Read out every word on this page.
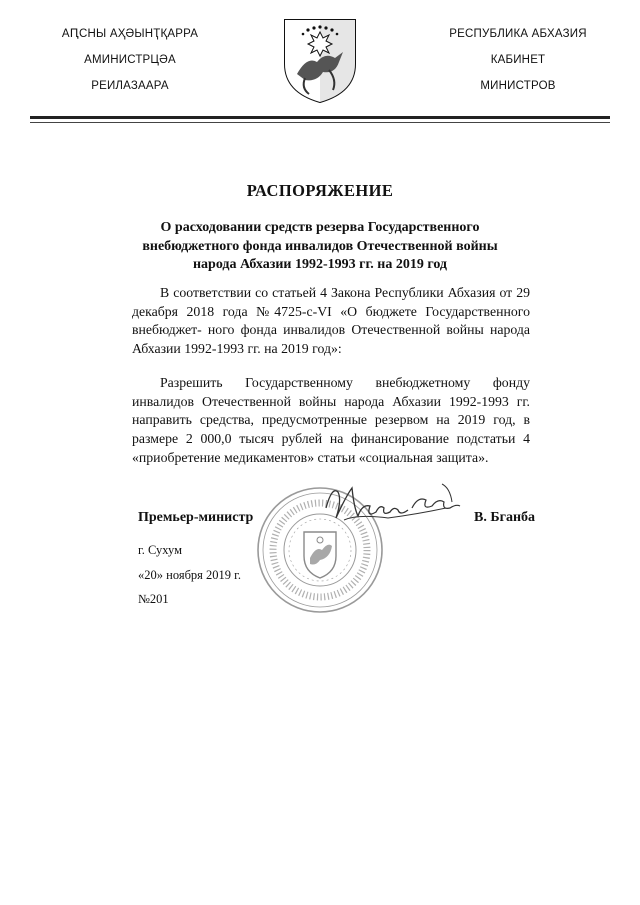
АԤСНЫ АҲӘЫНҬҚАРРА
АМИНИСТРЦӘА
РЕИЛАЗААРА
РЕСПУБЛИКА АБХАЗИЯ
КАБИНЕТ
МИНИСТРОВ
РАСПОРЯЖЕНИЕ
О расходовании средств резерва Государственного внебюджетного фонда инвалидов Отечественной войны народа Абхазии 1992-1993 гг. на 2019 год

В соответствии со статьей 4 Закона Республики Абхазия от 29 декабря 2018 года №4725-с-VI «О бюджете Государственного внебюджет- ного фонда инвалидов Отечественной войны народа Абхазии 1992-1993 гг. на 2019 год»:

Разрешить Государственному внебюджетному фонду инвалидов Отечественной войны народа Абхазии 1992-1993 гг. направить средства, предусмотренные резервом на 2019 год, в размере 2 000,0 тысяч рублей на финансирование подстатьи 4 «приобретение медикаментов» статьи «социальная защита».

Премьер-министр	В. Бганба
г. Сухум
«20» ноября 2019 г.
№201
